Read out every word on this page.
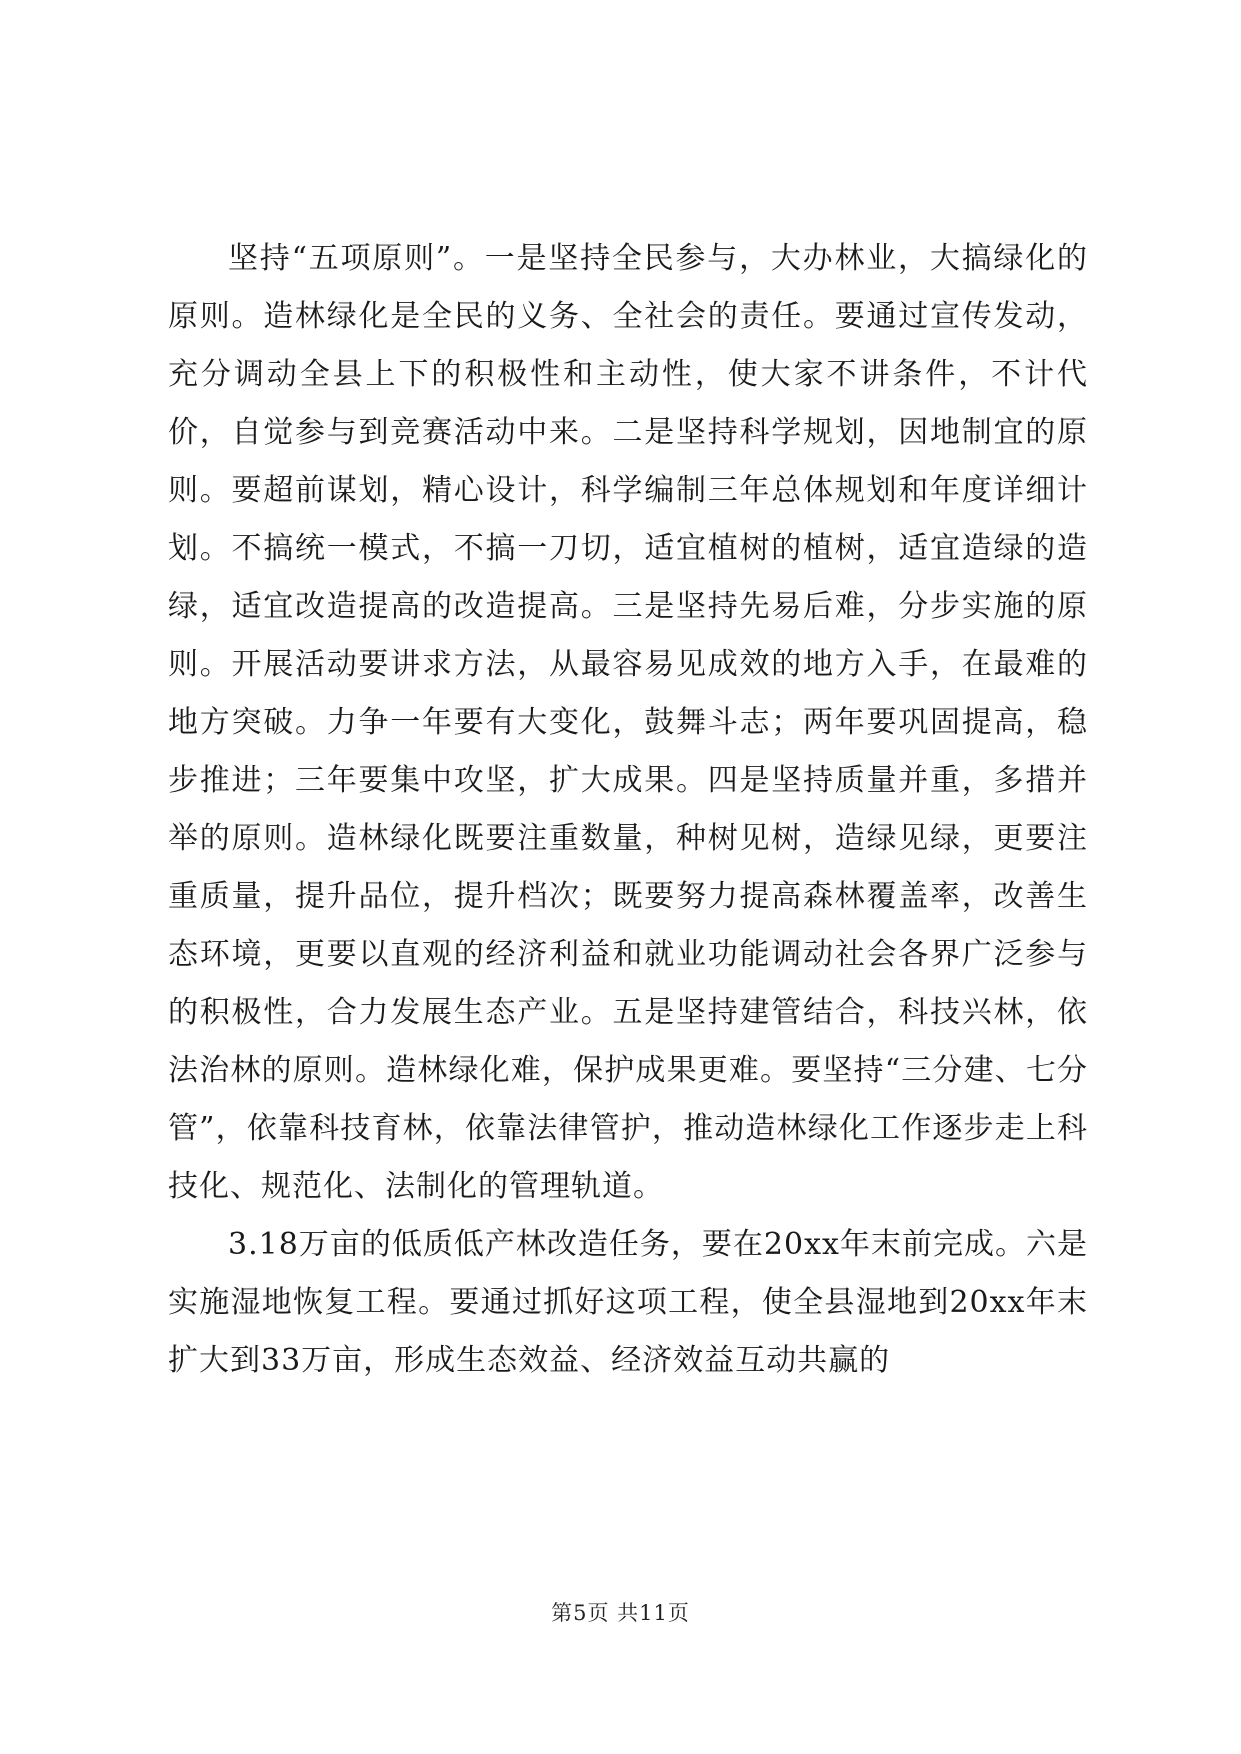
坚持“五项原则”。一是坚持全民参与，大办林业，大搞绿化的原则。造林绿化是全民的义务、全社会的责任。要通过宣传发动，充分调动全县上下的积极性和主动性，使大家不讲条件，不计代价，自觉参与到竞赛活动中来。二是坚持科学规划，因地制宜的原则。要超前谋划，精心设计，科学编制三年总体规划和年度详细计划。不搞统一模式，不搞一刀切，适宜植树的植树，适宜造绿的造绿，适宜改造提高的改造提高。三是坚持先易后难，分步实施的原则。开展活动要讲求方法，从最容易见成效的地方入手，在最难的地方突破。力争一年要有大变化，鼓舞斗志；两年要巩固提高，稳步推进；三年要集中攻坚，扩大成果。四是坚持质量并重，多措并举的原则。造林绿化既要注重数量，种树见树，造绿见绿，更要注重质量，提升品位，提升档次；既要努力提高森林覆盖率，改善生态环境，更要以直观的经济利益和就业功能调动社会各界广泛参与的积极性，合力发展生态产业。五是坚持建管结合，科技兴林，依法治林的原则。造林绿化难，保护成果更难。要坚持“三分建、七分管”，依靠科技育林，依靠法律管护，推动造林绿化工作逐步走上科技化、规范化、法制化的管理轨道。

3.18万亩的低质低产林改造任务，要在20xx年末前完成。六是实施湿地恢复工程。要通过抓好这项工程，使全县湿地到20xx年末扩大到33万亩，形成生态效益、经济效益互动共赢的

第5页 共11页
